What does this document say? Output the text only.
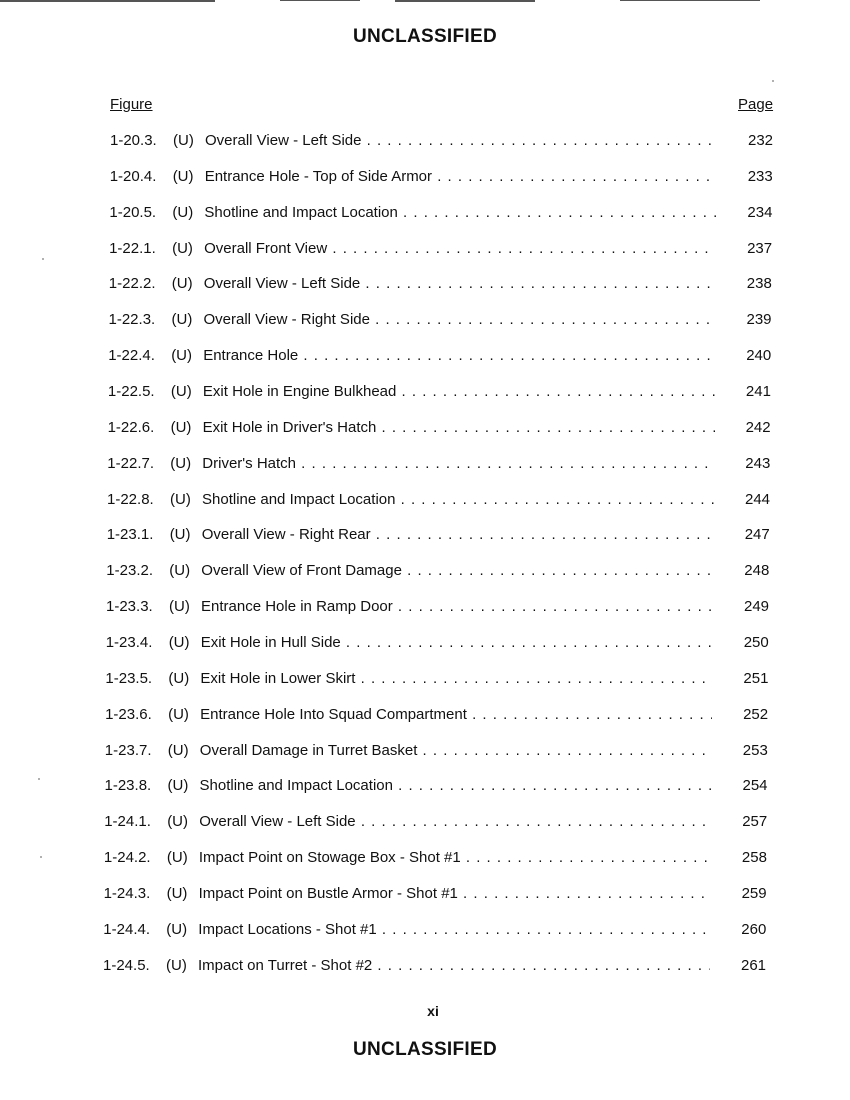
UNCLASSIFIED
Figure	Page
1-20.3. (U) Overall View - Left Side . . .	232
1-20.4. (U) Entrance Hole - Top of Side Armor . . .	233
1-20.5. (U) Shotline and Impact Location . . .	234
1-22.1. (U) Overall Front View . . .	237
1-22.2. (U) Overall View - Left Side . . .	238
1-22.3. (U) Overall View - Right Side . . .	239
1-22.4. (U) Entrance Hole . . .	240
1-22.5. (U) Exit Hole in Engine Bulkhead . . .	241
1-22.6. (U) Exit Hole in Driver's Hatch . . .	242
1-22.7. (U) Driver's Hatch . . .	243
1-22.8. (U) Shotline and Impact Location . . .	244
1-23.1. (U) Overall View - Right Rear . . .	247
1-23.2. (U) Overall View of Front Damage . . .	248
1-23.3. (U) Entrance Hole in Ramp Door . . .	249
1-23.4. (U) Exit Hole in Hull Side . . .	250
1-23.5. (U) Exit Hole in Lower Skirt . . .	251
1-23.6. (U) Entrance Hole Into Squad Compartment . . .	252
1-23.7. (U) Overall Damage in Turret Basket . . .	253
1-23.8. (U) Shotline and Impact Location . . .	254
1-24.1. (U) Overall View - Left Side . . .	257
1-24.2. (U) Impact Point on Stowage Box - Shot #1 . . .	258
1-24.3. (U) Impact Point on Bustle Armor - Shot #1 . . .	259
1-24.4. (U) Impact Locations - Shot #1 . . .	260
1-24.5. (U) Impact on Turret - Shot #2 . . .	261
xi
UNCLASSIFIED
